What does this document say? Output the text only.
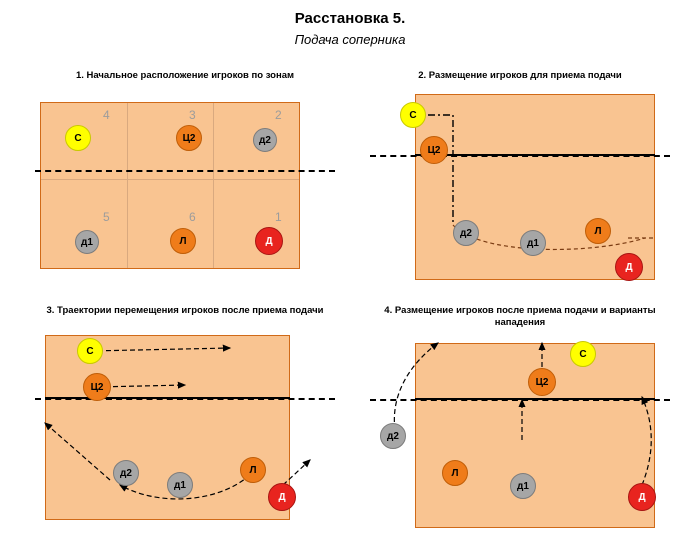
Расстановка 5.
Подача соперника
1. Начальное расположение игроков по зонам
4	3	2
5	6	1
С	Ц2	д2
д1	Л	Д
2. Размещение игроков для приема подачи
С
Ц2
д2
д1
Л
Д
3. Траектории перемещения игроков после приема подачи
С
Ц2
д2
д1
Л
Д
4. Размещение игроков после приема подачи и варианты нападения
С
Ц2
д2
д1
Л
Д
